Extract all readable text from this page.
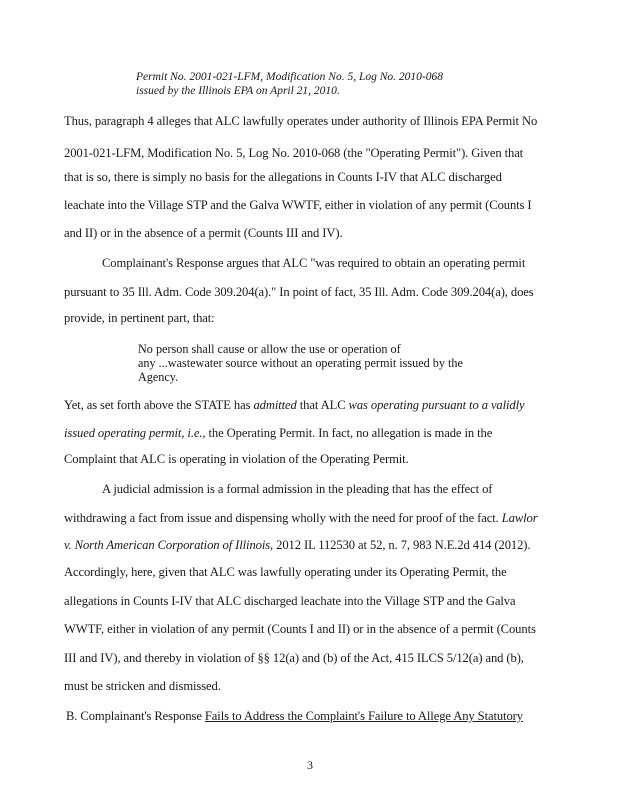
Permit No. 2001-021-LFM, Modification No. 5, Log No. 2010-068
issued by the Illinois EPA on April 21, 2010.
Thus, paragraph 4 alleges that ALC lawfully operates under authority of Illinois EPA Permit No
2001-021-LFM, Modification No. 5, Log No. 2010-068 (the "Operating Permit"). Given that
that is so, there is simply no basis for the allegations in Counts I-IV that ALC discharged
leachate into the Village STP and the Galva WWTF, either in violation of any permit (Counts I
and II) or in the absence of a permit (Counts III and IV).
Complainant's Response argues that ALC "was required to obtain an operating permit
pursuant to 35 Ill. Adm. Code 309.204(a)." In point of fact, 35 Ill. Adm. Code 309.204(a), does
provide, in pertinent part, that:
No person shall cause or allow the use or operation of
any ...wastewater source without an operating permit issued by the
Agency.
Yet, as set forth above the STATE has admitted that ALC was operating pursuant to a validly
issued operating permit, i.e., the Operating Permit. In fact, no allegation is made in the
Complaint that ALC is operating in violation of the Operating Permit.
A judicial admission is a formal admission in the pleading that has the effect of
withdrawing a fact from issue and dispensing wholly with the need for proof of the fact. Lawlor
v. North American Corporation of Illinois, 2012 IL 112530 at 52, n. 7, 983 N.E.2d 414 (2012).
Accordingly, here, given that ALC was lawfully operating under its Operating Permit, the
allegations in Counts I-IV that ALC discharged leachate into the Village STP and the Galva
WWTF, either in violation of any permit (Counts I and II) or in the absence of a permit (Counts
III and IV), and thereby in violation of §§ 12(a) and (b) of the Act, 415 ILCS 5/12(a) and (b),
must be stricken and dismissed.
B. Complainant's Response Fails to Address the Complaint's Failure to Allege Any Statutory
3
